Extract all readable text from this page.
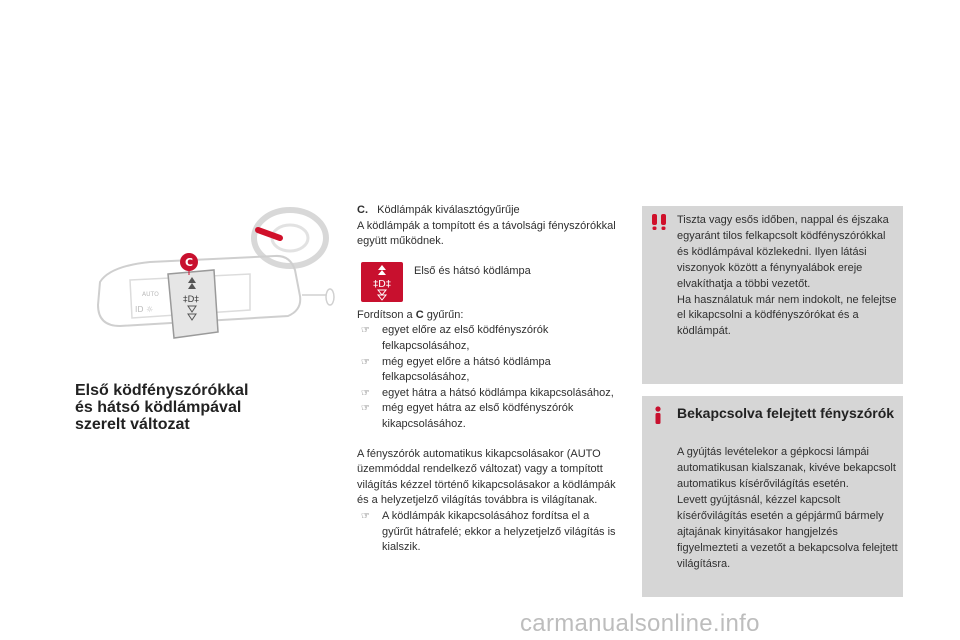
‡D‡
AUTO
ID ☼
C
Első ködfényszórókkal
és hátsó ködlámpával
szerelt változat

C. Ködlámpák kiválasztógyűrűje

A ködlámpák a tompított és a távolsági fényszórókkal együtt működnek.

‡D‡
Első és hátsó ködlámpa

Fordítson a C gyűrűn:

☞ egyet előre az első ködfényszórók felkapcsolásához,
☞ még egyet előre a hátsó ködlámpa felkapcsolásához,
☞ egyet hátra a hátsó ködlámpa kikapcsolásához,
☞ még egyet hátra az első ködfényszórók kikapcsolásához.

A fényszórók automatikus kikapcsolásakor (AUTO üzemmóddal rendelkező változat) vagy a tompított világítás kézzel történő kikapcsolásakor a ködlámpák és a helyzetjelző világítás továbbra is világítanak.

☞ A ködlámpák kikapcsolásához fordítsa el a gyűrűt hátrafelé; ekkor a helyzetjelző világítás is kialszik.
Tiszta vagy esős időben, nappal és éjszaka egyaránt tilos felkapcsolt ködfényszórókkal és ködlámpával közlekedni. Ilyen látási viszonyok között a fénynyalábok ereje elvakíthatja a többi vezetőt.
Ha használatuk már nem indokolt, ne felejtse el kikapcsolni a ködfényszórókat és a ködlámpát.
Bekapcsolva felejtett fényszórók
A gyújtás levételekor a gépkocsi lámpái automatikusan kialszanak, kivéve bekapcsolt automatikus kísérővilágítás esetén.
Levett gyújtásnál, kézzel kapcsolt kísérővilágítás esetén a gépjármű bármely ajtajának kinyitásakor hangjelzés figyelmezteti a vezetőt a bekapcsolva felejtett világításra.
carmanualsonline.info
